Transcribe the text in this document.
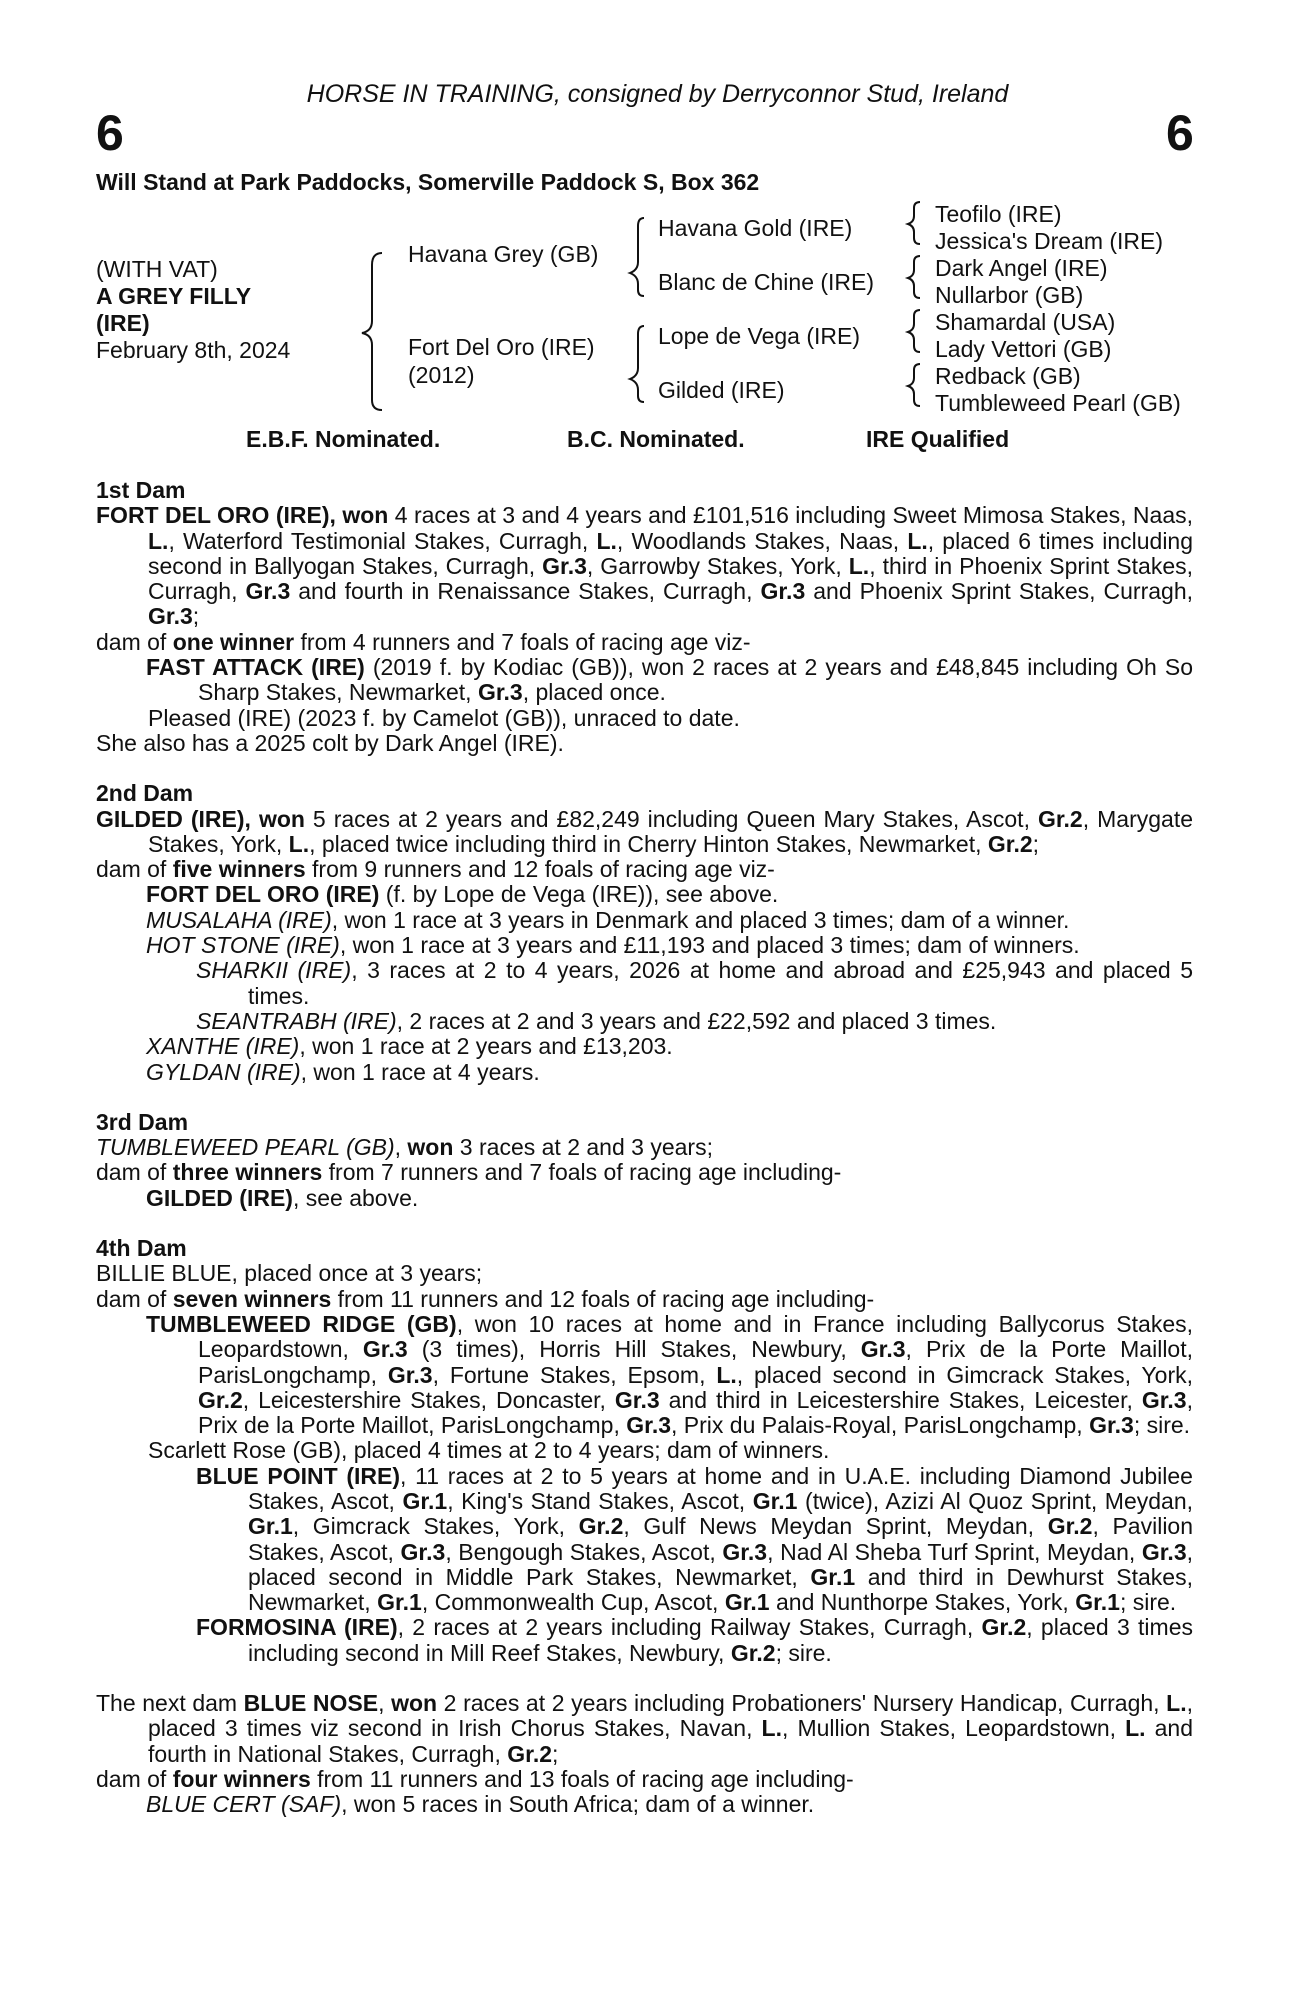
HORSE IN TRAINING, consigned by Derryconnor Stud, Ireland
6	6
Will Stand at Park Paddocks, Somerville Paddock S, Box 362
(WITH VAT)
A GREY FILLY
(IRE)
February 8th, 2024
Havana Grey (GB)
Fort Del Oro (IRE)
(2012)
Havana Gold (IRE)
Blanc de Chine (IRE)
Lope de Vega (IRE)
Gilded (IRE)
Teofilo (IRE)
Jessica's Dream (IRE)
Dark Angel (IRE)
Nullarbor (GB)
Shamardal (USA)
Lady Vettori (GB)
Redback (GB)
Tumbleweed Pearl (GB)
E.B.F. Nominated.	B.C. Nominated.	IRE Qualified

1st Dam

FORT DEL ORO (IRE), won 4 races at 3 and 4 years and £101,516 including Sweet Mimosa Stakes, Naas, L., Waterford Testimonial Stakes, Curragh, L., Woodlands Stakes, Naas, L., placed 6 times including second in Ballyogan Stakes, Curragh, Gr.3, Garrowby Stakes, York, L., third in Phoenix Sprint Stakes, Curragh, Gr.3 and fourth in Renaissance Stakes, Curragh, Gr.3 and Phoenix Sprint Stakes, Curragh, Gr.3;

dam of one winner from 4 runners and 7 foals of racing age viz-

FAST ATTACK (IRE) (2019 f. by Kodiac (GB)), won 2 races at 2 years and £48,845 including Oh So Sharp Stakes, Newmarket, Gr.3, placed once.

Pleased (IRE) (2023 f. by Camelot (GB)), unraced to date.

She also has a 2025 colt by Dark Angel (IRE).

2nd Dam

GILDED (IRE), won 5 races at 2 years and £82,249 including Queen Mary Stakes, Ascot, Gr.2, Marygate Stakes, York, L., placed twice including third in Cherry Hinton Stakes, Newmarket, Gr.2;

dam of five winners from 9 runners and 12 foals of racing age viz-

FORT DEL ORO (IRE) (f. by Lope de Vega (IRE)), see above.

MUSALAHA (IRE), won 1 race at 3 years in Denmark and placed 3 times; dam of a winner.

HOT STONE (IRE), won 1 race at 3 years and £11,193 and placed 3 times; dam of winners.

SHARKII (IRE), 3 races at 2 to 4 years, 2026 at home and abroad and £25,943 and placed 5 times.

SEANTRABH (IRE), 2 races at 2 and 3 years and £22,592 and placed 3 times.

XANTHE (IRE), won 1 race at 2 years and £13,203.

GYLDAN (IRE), won 1 race at 4 years.

3rd Dam

TUMBLEWEED PEARL (GB), won 3 races at 2 and 3 years;

dam of three winners from 7 runners and 7 foals of racing age including-

GILDED (IRE), see above.

4th Dam

BILLIE BLUE, placed once at 3 years;

dam of seven winners from 11 runners and 12 foals of racing age including-

TUMBLEWEED RIDGE (GB), won 10 races at home and in France including Ballycorus Stakes, Leopardstown, Gr.3 (3 times), Horris Hill Stakes, Newbury, Gr.3, Prix de la Porte Maillot, ParisLongchamp, Gr.3, Fortune Stakes, Epsom, L., placed second in Gimcrack Stakes, York, Gr.2, Leicestershire Stakes, Doncaster, Gr.3 and third in Leicestershire Stakes, Leicester, Gr.3, Prix de la Porte Maillot, ParisLongchamp, Gr.3, Prix du Palais-Royal, ParisLongchamp, Gr.3; sire.

Scarlett Rose (GB), placed 4 times at 2 to 4 years; dam of winners.

BLUE POINT (IRE), 11 races at 2 to 5 years at home and in U.A.E. including Diamond Jubilee Stakes, Ascot, Gr.1, King's Stand Stakes, Ascot, Gr.1 (twice), Azizi Al Quoz Sprint, Meydan, Gr.1, Gimcrack Stakes, York, Gr.2, Gulf News Meydan Sprint, Meydan, Gr.2, Pavilion Stakes, Ascot, Gr.3, Bengough Stakes, Ascot, Gr.3, Nad Al Sheba Turf Sprint, Meydan, Gr.3, placed second in Middle Park Stakes, Newmarket, Gr.1 and third in Dewhurst Stakes, Newmarket, Gr.1, Commonwealth Cup, Ascot, Gr.1 and Nunthorpe Stakes, York, Gr.1; sire.

FORMOSINA (IRE), 2 races at 2 years including Railway Stakes, Curragh, Gr.2, placed 3 times including second in Mill Reef Stakes, Newbury, Gr.2; sire.

The next dam BLUE NOSE, won 2 races at 2 years including Probationers' Nursery Handicap, Curragh, L., placed 3 times viz second in Irish Chorus Stakes, Navan, L., Mullion Stakes, Leopardstown, L. and fourth in National Stakes, Curragh, Gr.2;

dam of four winners from 11 runners and 13 foals of racing age including-

BLUE CERT (SAF), won 5 races in South Africa; dam of a winner.
